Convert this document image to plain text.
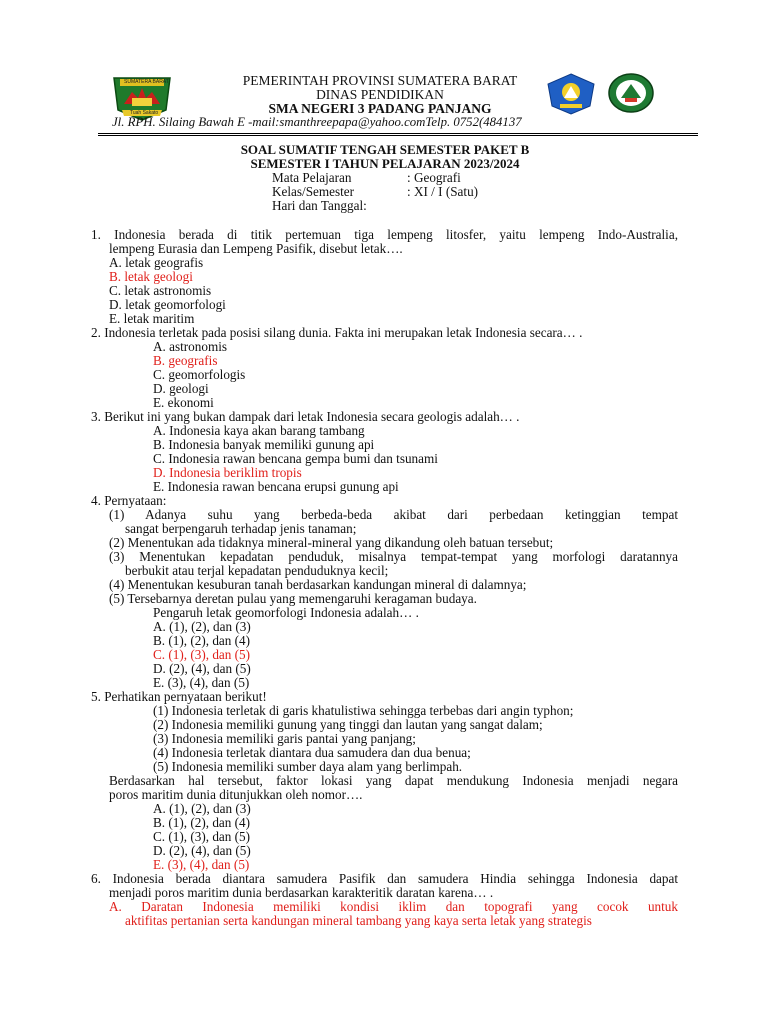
SUMATERA BARAT
Tuah Sakato
PEMERINTAH PROVINSI SUMATERA BARAT
DINAS PENDIDIKAN
SMA NEGERI 3 PADANG PANJANG
Jl. RPH. Silaing Bawah E -mail:smanthreepapa@yahoo.comTelp. 0752(484137
SOAL SUMATIF TENGAH SEMESTER PAKET B
SEMESTER I TAHUN PELAJARAN 2023/2024
Mata Pelajaran	: Geografi
Kelas/Semester	: XI / I (Satu)
Hari dan Tanggal:
1. Indonesia berada di titik pertemuan tiga lempeng litosfer, yaitu lempeng Indo-Australia,
lempeng Eurasia dan Lempeng Pasifik, disebut letak….
A. letak geografis
B. letak geologi
C. letak astronomis
D. letak geomorfologi
E. letak maritim
2. Indonesia terletak pada posisi silang dunia. Fakta ini merupakan letak Indonesia secara… .
A. astronomis
B. geografis
C. geomorfologis
D. geologi
E. ekonomi
3. Berikut ini yang bukan dampak dari letak Indonesia secara geologis adalah… .
A. Indonesia kaya akan barang tambang
B. Indonesia banyak memiliki gunung api
C. Indonesia rawan bencana gempa bumi dan tsunami
D. Indonesia beriklim tropis
E. Indonesia rawan bencana erupsi gunung api
4. Pernyataan:
(1) Adanya suhu yang berbeda-beda akibat dari perbedaan ketinggian tempat
sangat berpengaruh terhadap jenis tanaman;
(2) Menentukan ada tidaknya mineral-mineral yang dikandung oleh batuan tersebut;
(3) Menentukan kepadatan penduduk, misalnya tempat-tempat yang morfologi daratannya
berbukit atau terjal kepadatan penduduknya kecil;
(4) Menentukan kesuburan tanah berdasarkan kandungan mineral di dalamnya;
(5) Tersebarnya deretan pulau yang memengaruhi keragaman budaya.
Pengaruh letak geomorfologi Indonesia adalah… .
A. (1), (2), dan (3)
B. (1), (2), dan (4)
C. (1), (3), dan (5)
D. (2), (4), dan (5)
E. (3), (4), dan (5)
5. Perhatikan pernyataan berikut!
(1) Indonesia terletak di garis khatulistiwa sehingga terbebas dari angin typhon;
(2) Indonesia memiliki gunung yang tinggi dan lautan yang sangat dalam;
(3) Indonesia memiliki garis pantai yang panjang;
(4) Indonesia terletak diantara dua samudera dan dua benua;
(5) Indonesia memiliki sumber daya alam yang berlimpah.
Berdasarkan hal tersebut, faktor lokasi yang dapat mendukung Indonesia menjadi negara
poros maritim dunia ditunjukkan oleh nomor….
A. (1), (2), dan (3)
B. (1), (2), dan (4)
C. (1), (3), dan (5)
D. (2), (4), dan (5)
E. (3), (4), dan (5)
6. Indonesia berada diantara samudera Pasifik dan samudera Hindia sehingga Indonesia dapat
menjadi poros maritim dunia berdasarkan karakteritik daratan karena… .
A. Daratan Indonesia memiliki kondisi iklim dan topografi yang cocok untuk
aktifitas pertanian serta kandungan mineral tambang yang kaya serta letak yang strategis
